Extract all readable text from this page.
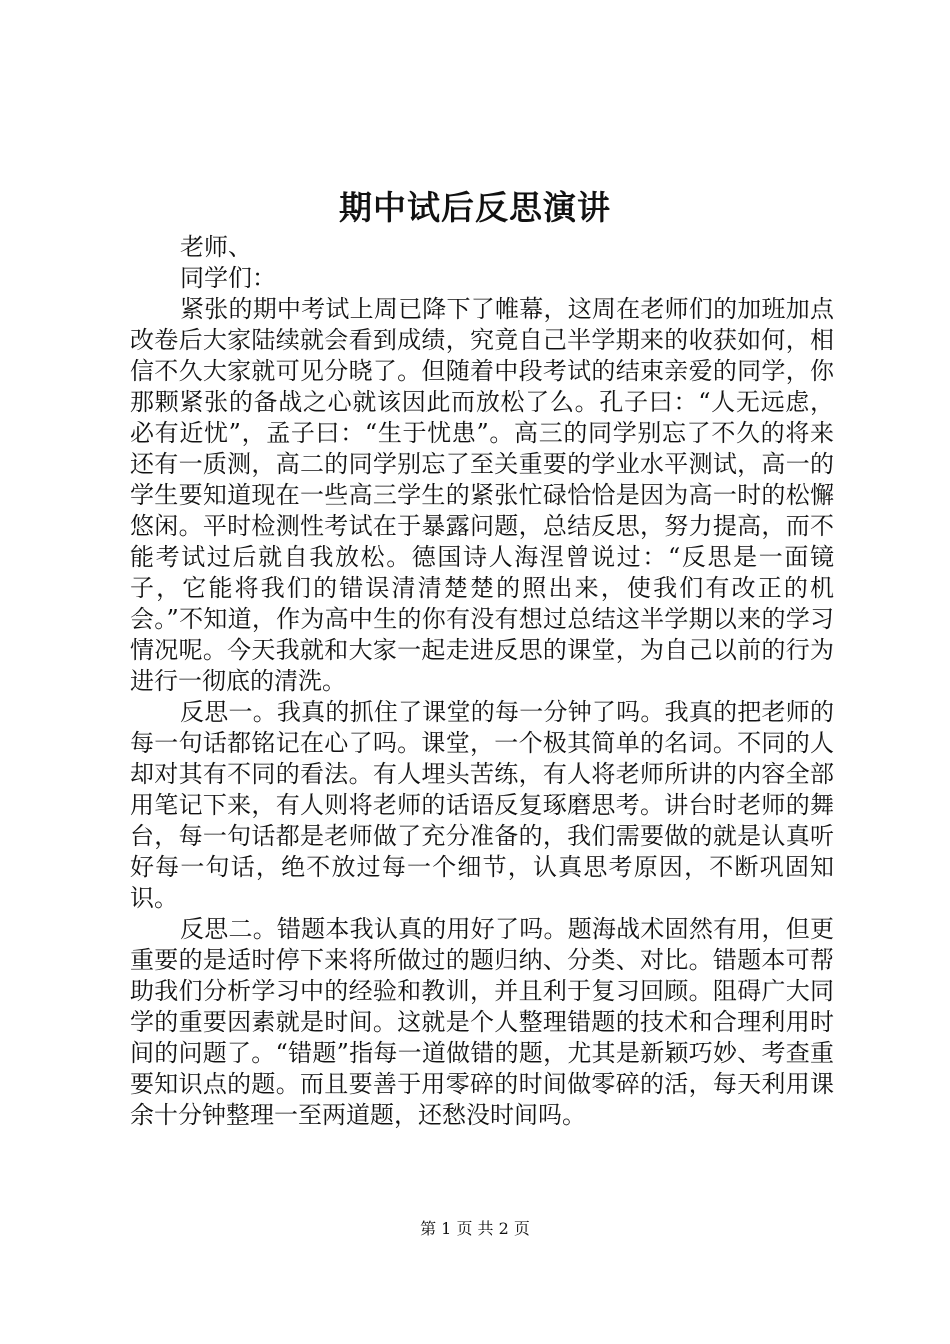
期中试后反思演讲

老师、

同学们：

紧张的期中考试上周已降下了帷幕，这周在老师们的加班加点改卷后大家陆续就会看到成绩，究竟自己半学期来的收获如何，相信不久大家就可见分晓了。但随着中段考试的结束亲爱的同学，你那颗紧张的备战之心就该因此而放松了么。孔子曰：“人无远虑，必有近忧”，孟子曰：“生于忧患”。高三的同学别忘了不久的将来还有一质测，高二的同学别忘了至关重要的学业水平测试，高一的学生要知道现在一些高三学生的紧张忙碌恰恰是因为高一时的松懈悠闲。平时检测性考试在于暴露问题，总结反思，努力提高，而不能考试过后就自我放松。德国诗人海涅曾说过：“反思是一面镜子，它能将我们的错误清清楚楚的照出来，使我们有改正的机会。”不知道，作为高中生的你有没有想过总结这半学期以来的学习情况呢。今天我就和大家一起走进反思的课堂，为自己以前的行为进行一彻底的清洗。

反思一。我真的抓住了课堂的每一分钟了吗。我真的把老师的每一句话都铭记在心了吗。课堂，一个极其简单的名词。不同的人却对其有不同的看法。有人埋头苦练，有人将老师所讲的内容全部用笔记下来，有人则将老师的话语反复琢磨思考。讲台时老师的舞台，每一句话都是老师做了充分准备的，我们需要做的就是认真听好每一句话，绝不放过每一个细节，认真思考原因，不断巩固知识。

反思二。错题本我认真的用好了吗。题海战术固然有用，但更重要的是适时停下来将所做过的题归纳、分类、对比。错题本可帮助我们分析学习中的经验和教训，并且利于复习回顾。阻碍广大同学的重要因素就是时间。这就是个人整理错题的技术和合理利用时间的问题了。“错题”指每一道做错的题，尤其是新颖巧妙、考查重要知识点的题。而且要善于用零碎的时间做零碎的活，每天利用课余十分钟整理一至两道题，还愁没时间吗。

第 1 页 共 2 页
